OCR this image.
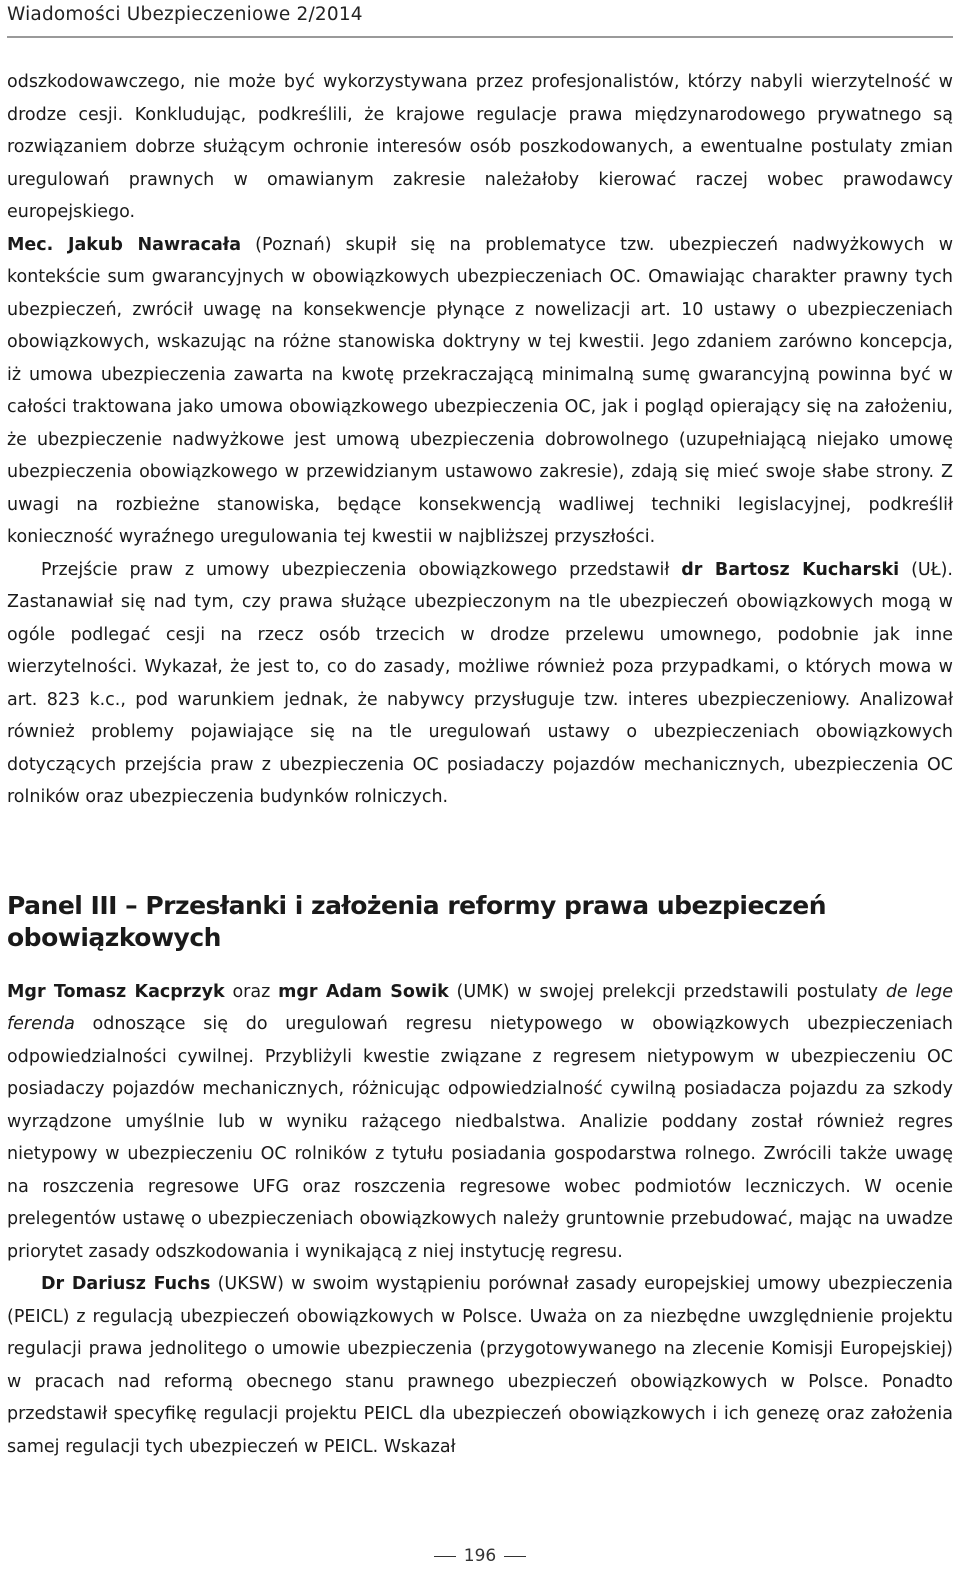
Wiadomości Ubezpieczeniowe 2/2014

odszkodowawczego, nie może być wykorzystywana przez profesjonalistów, którzy nabyli wierzytelność w drodze cesji. Konkludując, podkreślili, że krajowe regulacje prawa międzynarodowego prywatnego są rozwiązaniem dobrze służącym ochronie interesów osób poszkodowanych, a ewentualne postulaty zmian uregulowań prawnych w omawianym zakresie należałoby kierować raczej wobec prawodawcy europejskiego.

Mec. Jakub Nawracała (Poznań) skupił się na problematyce tzw. ubezpieczeń nadwyżkowych w kontekście sum gwarancyjnych w obowiązkowych ubezpieczeniach OC. Omawiając charakter prawny tych ubezpieczeń, zwrócił uwagę na konsekwencje płynące z nowelizacji art. 10 ustawy o ubezpieczeniach obowiązkowych, wskazując na różne stanowiska doktryny w tej kwestii. Jego zdaniem zarówno koncepcja, iż umowa ubezpieczenia zawarta na kwotę przekraczającą minimalną sumę gwarancyjną powinna być w całości traktowana jako umowa obowiązkowego ubezpieczenia OC, jak i pogląd opierający się na założeniu, że ubezpieczenie nadwyżkowe jest umową ubezpieczenia dobrowolnego (uzupełniającą niejako umowę ubezpieczenia obowiązkowego w przewidzianym ustawowo zakresie), zdają się mieć swoje słabe strony. Z uwagi na rozbieżne stanowiska, będące konsekwencją wadliwej techniki legislacyjnej, podkreślił konieczność wyraźnego uregulowania tej kwestii w najbliższej przyszłości.

Przejście praw z umowy ubezpieczenia obowiązkowego przedstawił dr Bartosz Kucharski (UŁ). Zastanawiał się nad tym, czy prawa służące ubezpieczonym na tle ubezpieczeń obowiązkowych mogą w ogóle podlegać cesji na rzecz osób trzecich w drodze przelewu umownego, podobnie jak inne wierzytelności. Wykazał, że jest to, co do zasady, możliwe również poza przypadkami, o których mowa w art. 823 k.c., pod warunkiem jednak, że nabywcy przysługuje tzw. interes ubezpieczeniowy. Analizował również problemy pojawiające się na tle uregulowań ustawy o ubezpieczeniach obowiązkowych dotyczących przejścia praw z ubezpieczenia OC posiadaczy pojazdów mechanicznych, ubezpieczenia OC rolników oraz ubezpieczenia budynków rolniczych.

Panel III – Przesłanki i założenia reformy prawa ubezpieczeń obowiązkowych

Mgr Tomasz Kacprzyk oraz mgr Adam Sowik (UMK) w swojej prelekcji przedstawili postulaty de lege ferenda odnoszące się do uregulowań regresu nietypowego w obowiązkowych ubezpieczeniach odpowiedzialności cywilnej. Przybliżyli kwestie związane z regresem nietypowym w ubezpieczeniu OC posiadaczy pojazdów mechanicznych, różnicując odpowiedzialność cywilną posiadacza pojazdu za szkody wyrządzone umyślnie lub w wyniku rażącego niedbalstwa. Analizie poddany został również regres nietypowy w ubezpieczeniu OC rolników z tytułu posiadania gospodarstwa rolnego. Zwrócili także uwagę na roszczenia regresowe UFG oraz roszczenia regresowe wobec podmiotów leczniczych. W ocenie prelegentów ustawę o ubezpieczeniach obowiązkowych należy gruntownie przebudować, mając na uwadze priorytet zasady odszkodowania i wynikającą z niej instytucję regresu.

Dr Dariusz Fuchs (UKSW) w swoim wystąpieniu porównał zasady europejskiej umowy ubezpieczenia (PEICL) z regulacją ubezpieczeń obowiązkowych w Polsce. Uważa on za niezbędne uwzględnienie projektu regulacji prawa jednolitego o umowie ubezpieczenia (przygotowywanego na zlecenie Komisji Europejskiej) w pracach nad reformą obecnego stanu prawnego ubezpieczeń obowiązkowych w Polsce. Ponadto przedstawił specyfikę regulacji projektu PEICL dla ubezpieczeń obowiązkowych i ich genezę oraz założenia samej regulacji tych ubezpieczeń w PEICL. Wskazał

196
